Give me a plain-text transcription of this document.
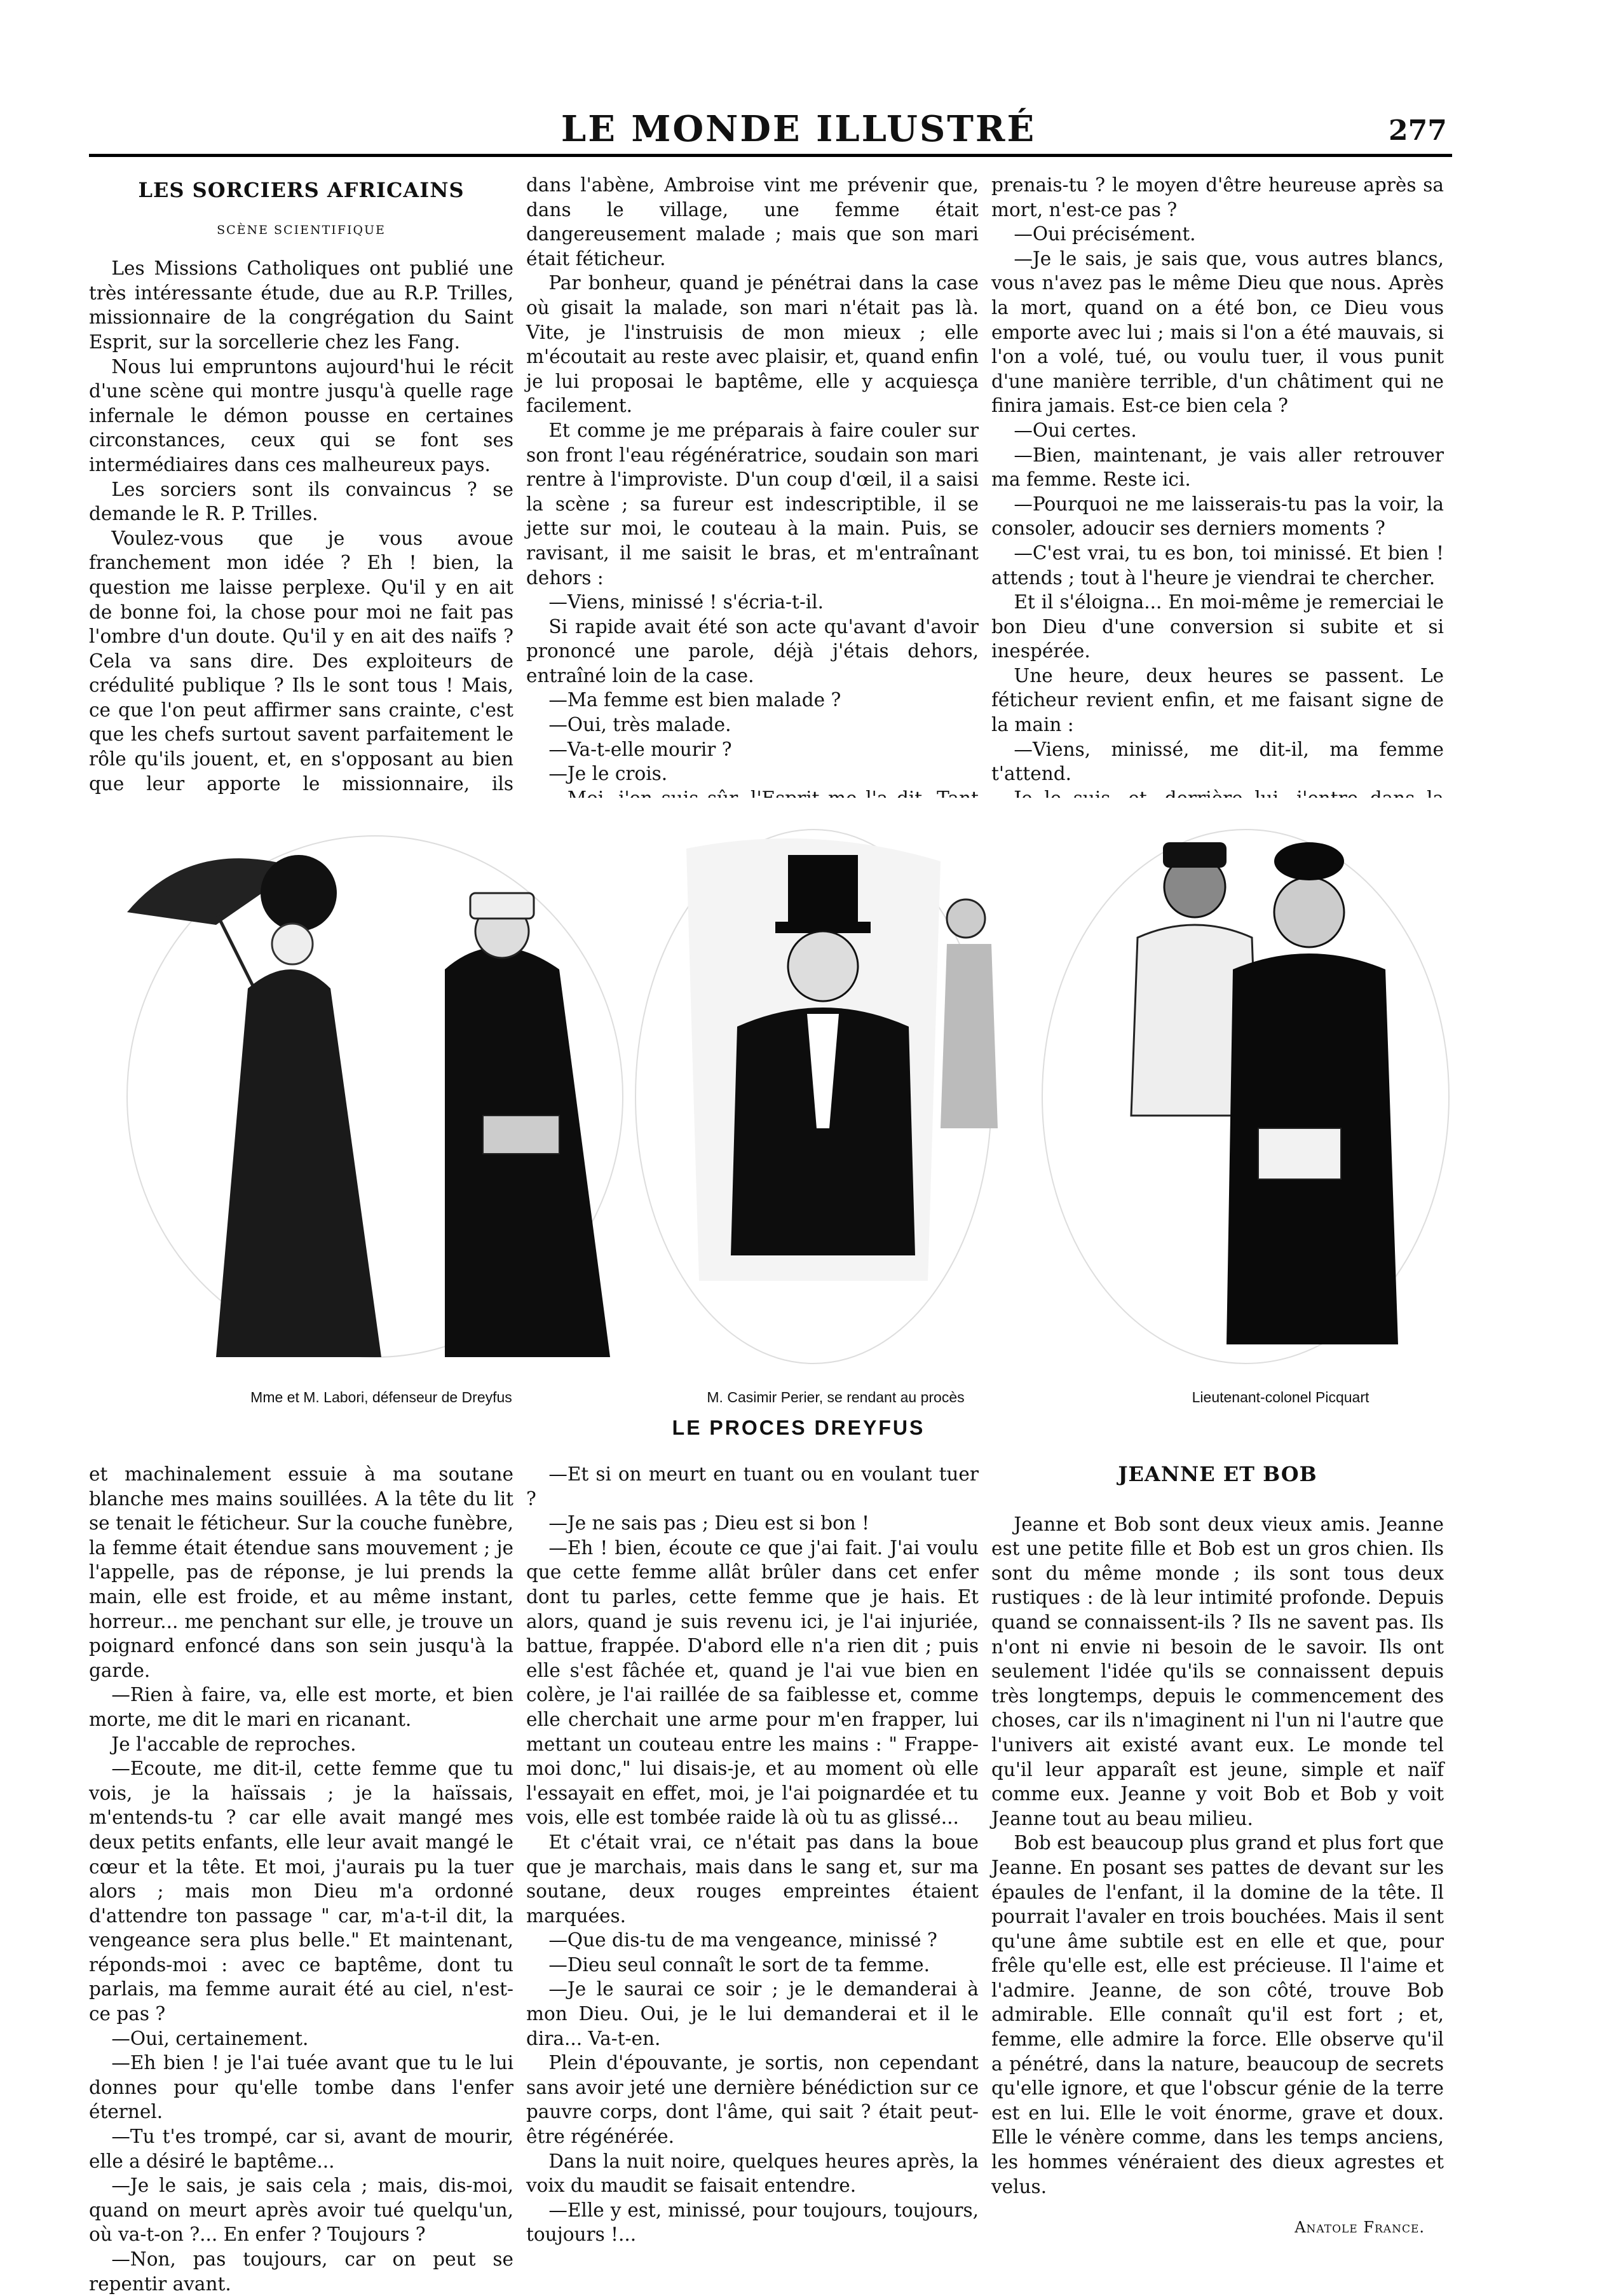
LE MONDE ILLUSTRÉ	277
LES SORCIERS AFRICAINS
SCÈNE SCIENTIFIQUE

Les Missions Catholiques ont publié une très intéressante étude, due au R.P. Trilles, missionnaire de la congrégation du Saint Esprit, sur la sorcellerie chez les Fang.

Nous lui empruntons aujourd'hui le récit d'une scène qui montre jusqu'à quelle rage infernale le démon pousse en certaines circonstances, ceux qui se font ses intermédiaires dans ces malheureux pays.

Les sorciers sont ils convaincus ? se demande le R. P. Trilles.

Voulez-vous que je vous avoue franchement mon idée ? Eh ! bien, la question me laisse perplexe. Qu'il y en ait de bonne foi, la chose pour moi ne fait pas l'ombre d'un doute. Qu'il y en ait des naïfs ? Cela va sans dire. Des exploiteurs de crédulité publique ? Ils le sont tous ! Mais, ce que l'on peut affirmer sans crainte, c'est que les chefs surtout savent parfaitement le rôle qu'ils jouent, et, en s'opposant au bien que leur apporte le missionnaire, ils

dans l'abène, Ambroise vint me prévenir que, dans le village, une femme était dangereusement malade ; mais que son mari était féticheur.

Par bonheur, quand je pénétrai dans la case où gisait la malade, son mari n'était pas là. Vite, je l'instruisis de mon mieux ; elle m'écoutait au reste avec plaisir, et, quand enfin je lui proposai le baptême, elle y acquiesça facilement.

Et comme je me préparais à faire couler sur son front l'eau régénératrice, soudain son mari rentre à l'improviste. D'un coup d'œil, il a saisi la scène ; sa fureur est indescriptible, il se jette sur moi, le couteau à la main. Puis, se ravisant, il me saisit le bras, et m'entraînant dehors :

—Viens, minissé ! s'écria-t-il.

Si rapide avait été son acte qu'avant d'avoir prononcé une parole, déjà j'étais dehors, entraîné loin de la case.

—Ma femme est bien malade ?

—Oui, très malade.

—Va-t-elle mourir ?

—Je le crois.

prenais-tu ? le moyen d'être heureuse après sa mort, n'est-ce pas ?

—Oui précisément.

—Je le sais, je sais que, vous autres blancs, vous n'avez pas le même Dieu que nous. Après la mort, quand on a été bon, ce Dieu vous emporte avec lui ; mais si l'on a été mauvais, si l'on a volé, tué, ou voulu tuer, il vous punit d'une manière terrible, d'un châtiment qui ne finira jamais. Est-ce bien cela ?

—Oui certes.

—Bien, maintenant, je vais aller retrouver ma femme. Reste ici.

—Pourquoi ne me laisserais-tu pas la voir, la consoler, adoucir ses derniers moments ?

—C'est vrai, tu es bon, toi minissé. Et bien ! attends ; tout à l'heure je viendrai te chercher.

Et il s'éloigna... En moi-même je remerciai le bon Dieu d'une conversion si subite et si inespérée.

Une heure, deux heures se passent. Le féticheur revient enfin, et me faisant signe de la main :

—Viens, minissé, me dit-il, ma femme t'attend.

Mme et M. Labori, défenseur de Dreyfus	M. Casimir Perier, se rendant au procès	Lieutenant-colonel Picquart
LE PROCES DREYFUS

et machinalement essuie à ma soutane blanche mes mains souillées. A la tête du lit se tenait le féticheur. Sur la couche funèbre, la femme était étendue sans mouvement ; je l'appelle, pas de réponse, je lui prends la main, elle est froide, et au même instant, horreur... me penchant sur elle, je trouve un poignard enfoncé dans son sein jusqu'à la garde.

—Rien à faire, va, elle est morte, et bien morte, me dit le mari en ricanant.

Je l'accable de reproches.

—Ecoute, me dit-il, cette femme que tu vois, je la haïssais ; je la haïssais, m'entends-tu ? car elle avait mangé mes deux petits enfants, elle leur avait mangé le cœur et la tête. Et moi, j'aurais pu la tuer alors ; mais mon Dieu m'a ordonné d'attendre ton passage " car, m'a-t-il dit, la vengeance sera plus belle." Et maintenant, réponds-moi : avec ce baptême, dont tu parlais, ma femme aurait été au ciel, n'est-ce pas ?

—Oui, certainement.

—Eh bien ! je l'ai tuée avant que tu le lui donnes pour qu'elle tombe dans l'enfer éternel.

—Tu t'es trompé, car si, avant de mourir, elle a désiré le baptême...

—Je le sais, je sais cela ; mais, dis-moi, quand on meurt après avoir tué quelqu'un, où va-t-on ?... En enfer ? Toujours ?

—Non, pas toujours, car on peut se repentir avant.

—Et si on meurt en tuant ou en voulant tuer ?

—Je ne sais pas ; Dieu est si bon !

—Eh ! bien, écoute ce que j'ai fait. J'ai voulu que cette femme allât brûler dans cet enfer dont tu parles, cette femme que je hais. Et alors, quand je suis revenu ici, je l'ai injuriée, battue, frappée. D'abord elle n'a rien dit ; puis elle s'est fâchée et, quand je l'ai vue bien en colère, je l'ai raillée de sa faiblesse et, comme elle cherchait une arme pour m'en frapper, lui mettant un couteau entre les mains : " Frappe-moi donc," lui disais-je, et au moment où elle l'essayait en effet, moi, je l'ai poignardée et tu vois, elle est tombée raide là où tu as glissé...

Et c'était vrai, ce n'était pas dans la boue que je marchais, mais dans le sang et, sur ma soutane, deux rouges empreintes étaient marquées.

—Que dis-tu de ma vengeance, minissé ?

—Dieu seul connaît le sort de ta femme.

—Je le saurai ce soir ; je le demanderai à mon Dieu. Oui, je le lui demanderai et il le dira... Va-t-en.

Plein d'épouvante, je sortis, non cependant sans avoir jeté une dernière bénédiction sur ce pauvre corps, dont l'âme, qui sait ? était peut-être régénérée.

Dans la nuit noire, quelques heures après, la voix du maudit se faisait entendre.

—Elle y est, minissé, pour toujours, toujours, toujours !...

JEANNE ET BOB

Jeanne et Bob sont deux vieux amis. Jeanne est une petite fille et Bob est un gros chien. Ils sont du même monde ; ils sont tous deux rustiques : de là leur intimité profonde. Depuis quand se connaissent-ils ? Ils ne savent pas. Ils n'ont ni envie ni besoin de le savoir. Ils ont seulement l'idée qu'ils se connaissent depuis très longtemps, depuis le commencement des choses, car ils n'imaginent ni l'un ni l'autre que l'univers ait existé avant eux. Le monde tel qu'il leur apparaît est jeune, simple et naïf comme eux. Jeanne y voit Bob et Bob y voit Jeanne tout au beau milieu.

Bob est beaucoup plus grand et plus fort que Jeanne. En posant ses pattes de devant sur les épaules de l'enfant, il la domine de la tête. Il pourrait l'avaler en trois bouchées. Mais il sent qu'une âme subtile est en elle et que, pour frêle qu'elle est, elle est précieuse. Il l'aime et l'admire. Jeanne, de son côté, trouve Bob admirable. Elle connaît qu'il est fort ; et, femme, elle admire la force. Elle observe qu'il a pénétré, dans la nature, beaucoup de secrets qu'elle ignore, et que l'obscur génie de la terre est en lui. Elle le voit énorme, grave et doux. Elle le vénère comme, dans les temps anciens, les hommes vénéraient des dieux agrestes et velus.

Anatole France.
